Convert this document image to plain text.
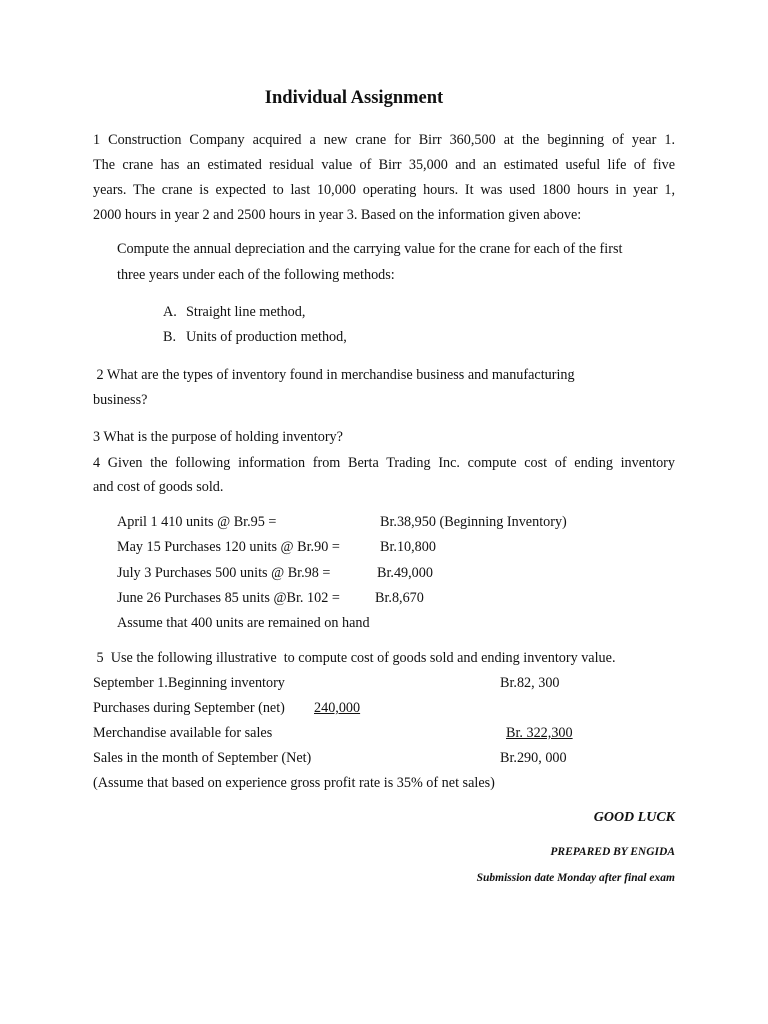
Individual Assignment
1 Construction Company acquired a new crane for Birr 360,500 at the beginning of year 1.
The crane has an estimated residual value of Birr 35,000 and an estimated useful life of five
years. The crane is expected to last 10,000 operating hours. It was used 1800 hours in year 1,
2000 hours in year 2 and 2500 hours in year 3. Based on the information given above:
Compute the annual depreciation and the carrying value for the crane for each of the first
three years under each of the following methods:
A. Straight line method,
B. Units of production method,
2 What are the types of inventory found in merchandise business and manufacturing
business?
3 What is the purpose of holding inventory?
4 Given the following information from Berta Trading Inc. compute cost of ending inventory
and cost of goods sold.
April 1 410 units @ Br.95 =	Br.38,950 (Beginning Inventory)
May 15 Purchases 120 units @ Br.90 =	Br.10,800
July 3 Purchases 500 units @ Br.98 =	Br.49,000
June 26 Purchases 85 units @Br. 102 = Br.8,670
Assume that 400 units are remained on hand
5  Use the following illustrative  to compute cost of goods sold and ending inventory value.
September 1.Beginning inventory	Br.82, 300
Purchases during September (net) 240,000
Merchandise available for sales	Br. 322,300
Sales in the month of September (Net)	Br.290, 000
(Assume that based on experience gross profit rate is 35% of net sales)
GOOD LUCK
PREPARED BY ENGIDA
Submission date Monday after final exam
